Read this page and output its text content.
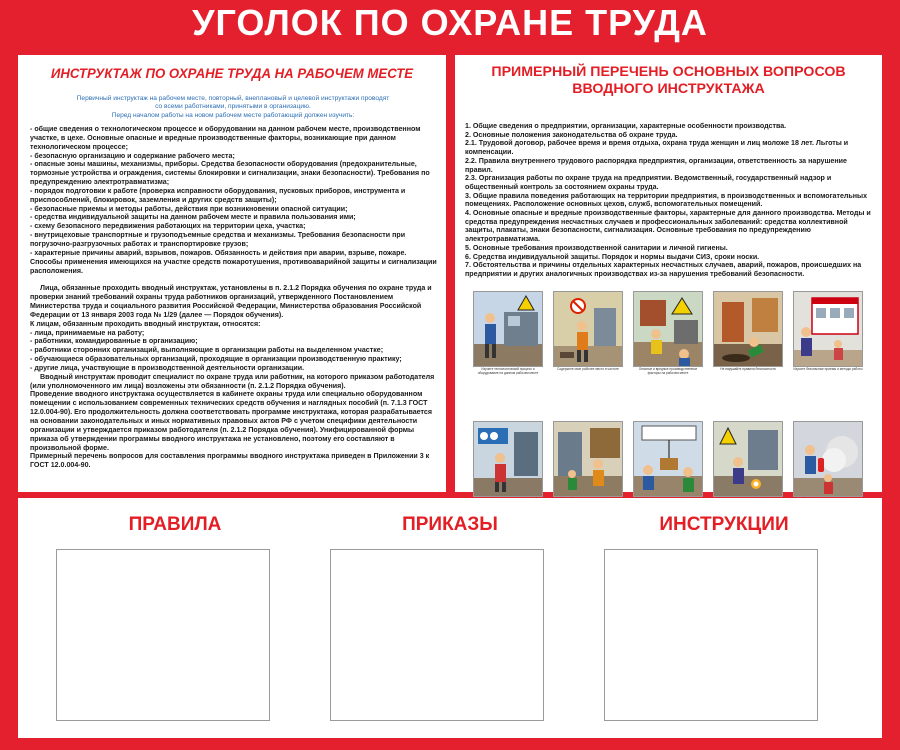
УГОЛОК ПО ОХРАНЕ ТРУДА
ИНСТРУКТАЖ ПО ОХРАНЕ ТРУДА НА РАБОЧЕМ МЕСТЕ
Первичный инструктаж на рабочем месте, повторный, внеплановый и целевой инструктажи проводят
со всеми работниками, принятыми в организацию.
Перед началом работы на новом рабочем месте работающий должен изучить:

- общие сведения о технологическом процессе и оборудовании на данном рабочем месте, производственном участке, в цехе. Основные опасные и вредные производственные факторы, возникающие при данном технологическом процессе;

- безопасную организацию и содержание рабочего места;

- опасные зоны машины, механизмы, приборы. Средства безопасности оборудования (предохранительные, тормозные устройства и ограждения, системы блокировки и сигнализации, знаки безопасности). Требования по предупреждению электротравматизма;

- порядок подготовки к работе (проверка исправности оборудования, пусковых приборов, инструмента и приспособлений, блокировок, заземления и других средств защиты);

- безопасные приемы и методы работы, действия при возникновении опасной ситуации;

- средства индивидуальной защиты на данном рабочем месте и правила пользования ими;

- схему безопасного передвижения работающих на территории цеха, участка;

- внутрицеховые транспортные и грузоподъемные средства и механизмы. Требования безопасности при погрузочно-разгрузочных работах и транспортировке грузов;

- характерные причины аварий, взрывов, пожаров. Обязанность и действия при аварии, взрыве, пожаре. Способы применения имеющихся на участке средств пожаротушения, противоаварийной защиты и сигнализации расположения.

Лица, обязанные проходить вводный инструктаж, установлены в п. 2.1.2 Порядка обучения по охране труда и проверки знаний требований охраны труда работников организаций, утвержденного Постановлением Министерства труда и социального развития Российской Федерации, Министерства образования Российской Федерации от 13 января 2003 года № 1/29 (далее — Порядок обучения).

К лицам, обязанным проходить вводный инструктаж, относятся:

- лица, принимаемые на работу;

- работники, командированные в организацию;

- работники сторонних организаций, выполняющие в организации работы на выделенном участке;

- обучающиеся образовательных организаций, проходящие в организации производственную практику;

- другие лица, участвующие в производственной деятельности организации.

Вводный инструктаж проводит специалист по охране труда или работник, на которого приказом работодателя (или уполномоченного им лица) возложены эти обязанности (п. 2.1.2 Порядка обучения).

Проведение вводного инструктажа осуществляется в кабинете охраны труда или специально оборудованном помещении с использованием современных технических средств обучения и наглядных пособий (п. 7.1.3 ГОСТ 12.0.004-90). Его продолжительность должна соответствовать программе инструктажа, которая разрабатывается на основании законодательных и иных нормативных правовых актов РФ с учетом специфики деятельности организации и утверждается приказом работодателя (п. 2.1.2 Порядка обучения). Унифицированной формы приказа об утверждении программы вводного инструктажа не установлено, поэтому его составляют в произвольной форме.

Примерный перечень вопросов для составления программы вводного инструктажа приведен в Приложении 3 к ГОСТ 12.0.004-90.

ПРИМЕРНЫЙ ПЕРЕЧЕНЬ ОСНОВНЫХ ВОПРОСОВ
ВВОДНОГО ИНСТРУКТАЖА

1. Общие сведения о предприятии, организации, характерные особенности производства.

2. Основные положения законодательства об охране труда.

2.1. Трудовой договор, рабочее время и время отдыха, охрана труда женщин и лиц моложе 18 лет. Льготы и компенсации.

2.2. Правила внутреннего трудового распорядка предприятия, организации, ответственность за нарушение правил.

2.3. Организация работы по охране труда на предприятии. Ведомственный, государственный надзор и общественный контроль за состоянием охраны труда.

3. Общие правила поведения работающих на территории предприятия, в производственных и вспомогательных помещениях. Расположение основных цехов, служб, вспомогательных помещений.

4. Основные опасные и вредные производственные факторы, характерные для данного производства. Методы и средства предупреждения несчастных случаев и профессиональных заболеваний: средства коллективной защиты, плакаты, знаки безопасности, сигнализация. Основные требования по предупреждению электротравматизма.

5. Основные требования производственной санитарии и личной гигиены.

6. Средства индивидуальной защиты. Порядок и нормы выдачи СИЗ, сроки носки.

7. Обстоятельства и причины отдельных характерных несчастных случаев, аварий, пожаров, происшедших на предприятии и других аналогичных производствах из-за нарушения требований безопасности.

Изучите технологический процесс и оборудование на данном рабочем месте
Содержите свое рабочее место в чистоте	Опасные и вредные производственные факторы на рабочем месте
Не нарушайте правила безопасности	Изучите безопасные приемы и методы работы
ПРАВИЛА	ПРИКАЗЫ	ИНСТРУКЦИИ
